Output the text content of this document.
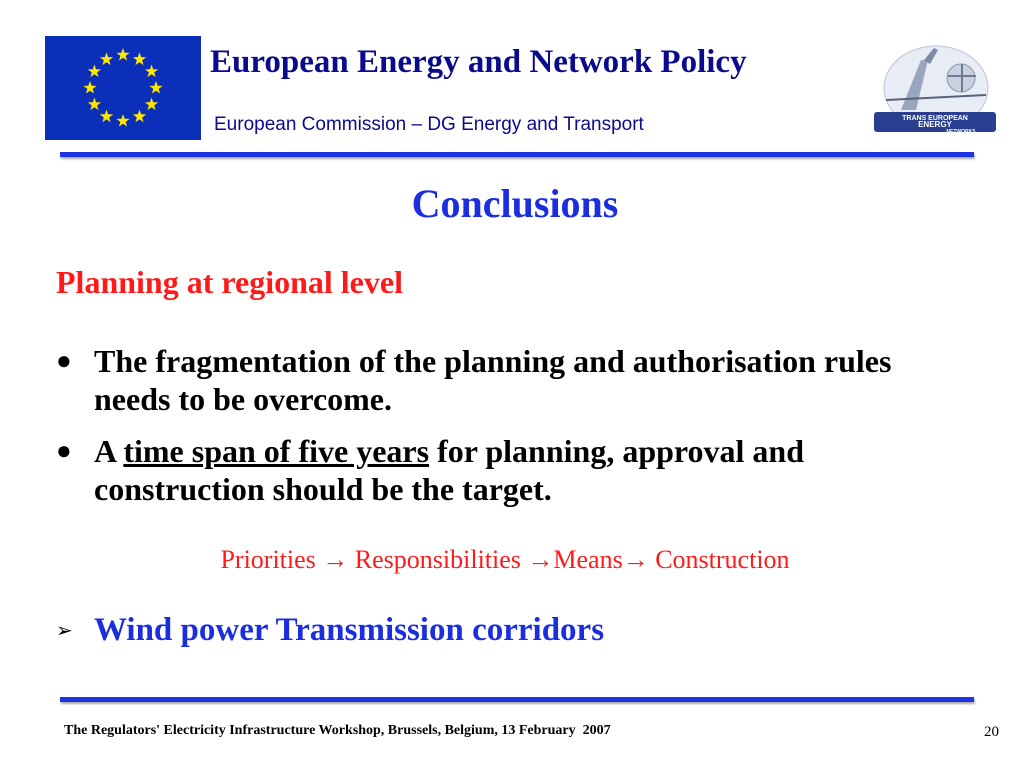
European Energy and Network Policy
European Commission – DG Energy and Transport	TRANS EUROPEAN
ENERGY
NETWORKS
Conclusions
Planning at regional level
● The fragmentation of the planning and authorisation rules needs to be overcome.
● A time span of five years for planning, approval and construction should be the target.
Priorities → Responsibilities →Means→ Construction
➢ Wind power Transmission corridors
The Regulators' Electricity Infrastructure Workshop, Brussels, Belgium, 13 February  2007	20
